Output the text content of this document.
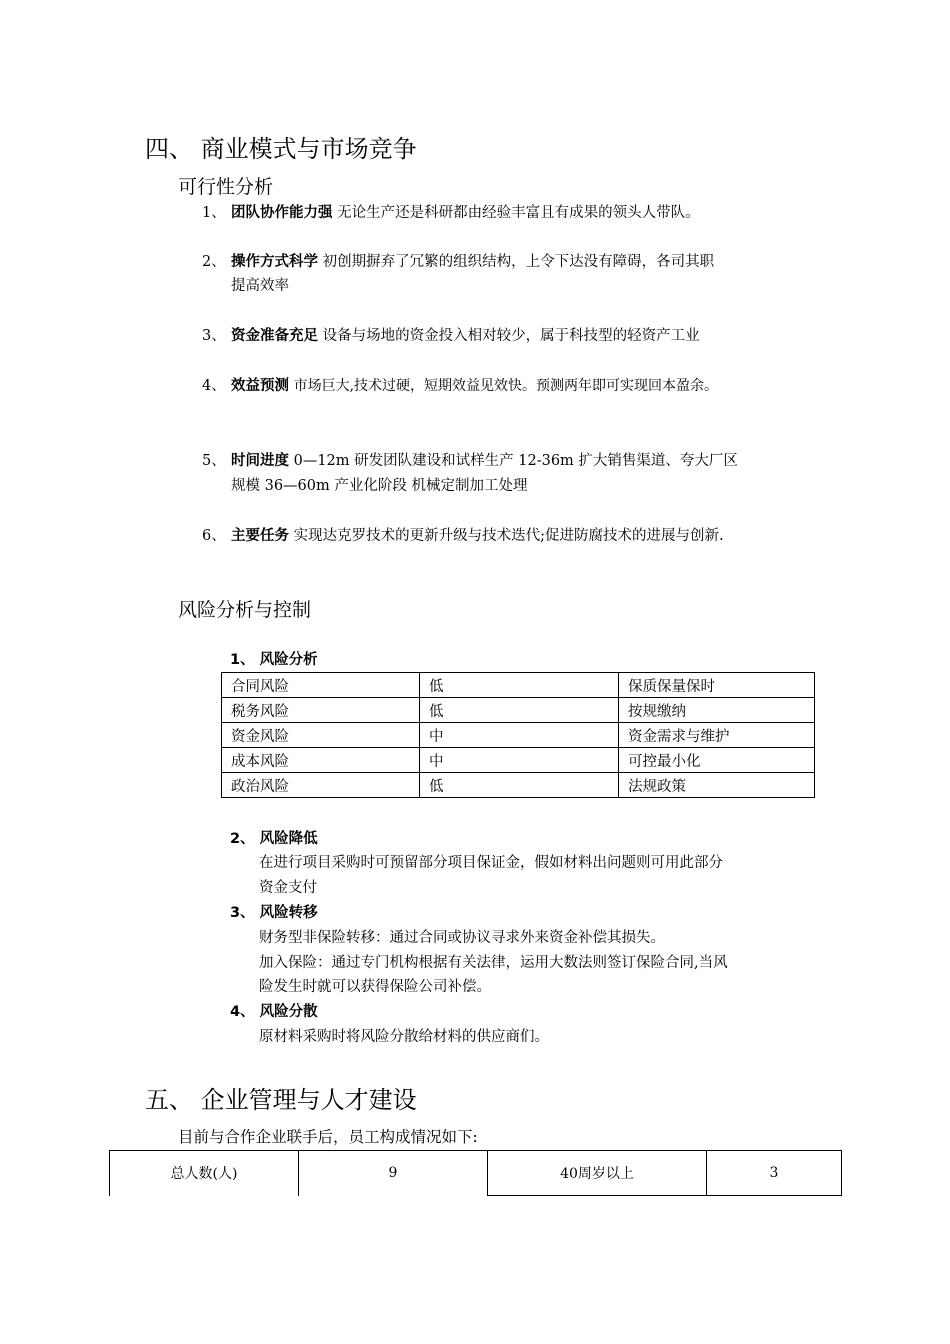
四、 商业模式与市场竞争
可行性分析
1、 团队协作能力强 无论生产还是科研都由经验丰富且有成果的领头人带队。
2、 操作方式科学 初创期摒弃了冗繁的组织结构，上令下达没有障碍，各司其职
提高效率
3、 资金准备充足 设备与场地的资金投入相对较少，属于科技型的轻资产工业
4、 效益预测 市场巨大,技术过硬，短期效益见效快。预测两年即可实现回本盈余。
5、 时间进度 0—12m 研发团队建设和试样生产 12-36m 扩大销售渠道、夸大厂区
规模 36—60m 产业化阶段 机械定制加工处理
6、 主要任务 实现达克罗技术的更新升级与技术迭代;促进防腐技术的进展与创新.
风险分析与控制
1、 风险分析
合同风险	低	保质保量保时
税务风险	低	按规缴纳
资金风险	中	资金需求与维护
成本风险	中	可控最小化
政治风险	低	法规政策
2、 风险降低
在进行项目采购时可预留部分项目保证金，假如材料出问题则可用此部分
资金支付
3、 风险转移
财务型非保险转移：通过合同或协议寻求外来资金补偿其损失。
加入保险：通过专门机构根据有关法律，运用大数法则签订保险合同,当风
险发生时就可以获得保险公司补偿。
4、 风险分散
原材料采购时将风险分散给材料的供应商们。
五、 企业管理与人才建设
目前与合作企业联手后，员工构成情况如下:
总人数(人)	9	40周岁以上	3
